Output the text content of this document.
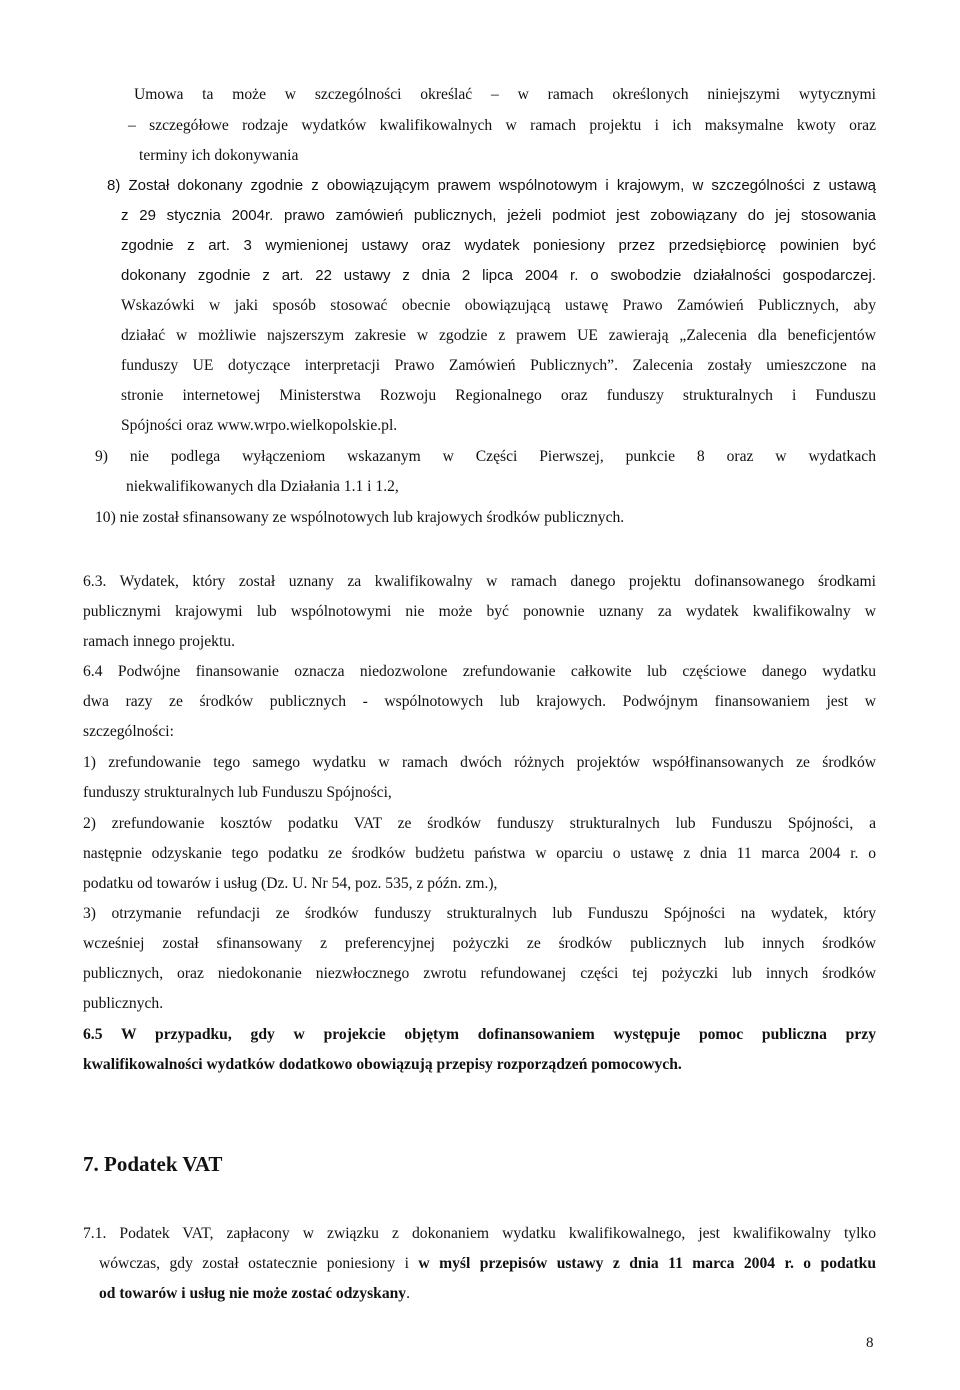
Umowa ta może w szczególności określać – w ramach określonych niniejszymi wytycznymi
– szczegółowe rodzaje wydatków kwalifikowalnych w ramach projektu i ich maksymalne kwoty oraz
terminy ich dokonywania
8) Został dokonany zgodnie z obowiązującym prawem wspólnotowym i krajowym, w szczególności z ustawą
z 29 stycznia 2004r. prawo zamówień publicznych, jeżeli podmiot jest zobowiązany do jej stosowania
zgodnie z art. 3 wymienionej ustawy oraz wydatek poniesiony przez przedsiębiorcę powinien być
dokonany zgodnie z art. 22 ustawy z dnia 2 lipca 2004 r. o swobodzie działalności gospodarczej.
Wskazówki w jaki sposób stosować obecnie obowiązującą ustawę Prawo Zamówień Publicznych, aby
działać w możliwie najszerszym zakresie w zgodzie z prawem UE zawierają „Zalecenia dla beneficjentów
funduszy UE dotyczące interpretacji Prawo Zamówień Publicznych”. Zalecenia zostały umieszczone na
stronie internetowej Ministerstwa Rozwoju Regionalnego oraz funduszy strukturalnych i Funduszu
Spójności oraz www.wrpo.wielkopolskie.pl.
9) nie podlega wyłączeniom wskazanym w Części Pierwszej, punkcie 8 oraz w wydatkach
niekwalifikowanych dla Działania 1.1 i 1.2,
10) nie został sfinansowany ze wspólnotowych lub krajowych środków publicznych.
6.3. Wydatek, który został uznany za kwalifikowalny w ramach danego projektu dofinansowanego środkami
publicznymi krajowymi lub wspólnotowymi nie może być ponownie uznany za wydatek kwalifikowalny w
ramach innego projektu.
6.4 Podwójne finansowanie oznacza niedozwolone zrefundowanie całkowite lub częściowe danego wydatku
dwa razy ze środków publicznych - wspólnotowych lub krajowych. Podwójnym finansowaniem jest w
szczególności:
1) zrefundowanie tego samego wydatku w ramach dwóch różnych projektów współfinansowanych ze środków
funduszy strukturalnych lub Funduszu Spójności,
2) zrefundowanie kosztów podatku VAT ze środków funduszy strukturalnych lub Funduszu Spójności, a
następnie odzyskanie tego podatku ze środków budżetu państwa w oparciu o ustawę z dnia 11 marca 2004 r. o
podatku od towarów i usług (Dz. U. Nr 54, poz. 535, z późn. zm.),
3) otrzymanie refundacji ze środków funduszy strukturalnych lub Funduszu Spójności na wydatek, który
wcześniej został sfinansowany z preferencyjnej pożyczki ze środków publicznych lub innych środków
publicznych, oraz niedokonanie niezwłocznego zwrotu refundowanej części tej pożyczki lub innych środków
publicznych.
6.5 W przypadku, gdy w projekcie objętym dofinansowaniem występuje pomoc publiczna przy
kwalifikowalności wydatków dodatkowo obowiązują przepisy rozporządzeń pomocowych.
7. Podatek VAT
7.1. Podatek VAT, zapłacony w związku z dokonaniem wydatku kwalifikowalnego, jest kwalifikowalny tylko
wówczas, gdy został ostatecznie poniesiony i w myśl przepisów ustawy z dnia 11 marca 2004 r. o podatku
od towarów i usług nie może zostać odzyskany.
8
